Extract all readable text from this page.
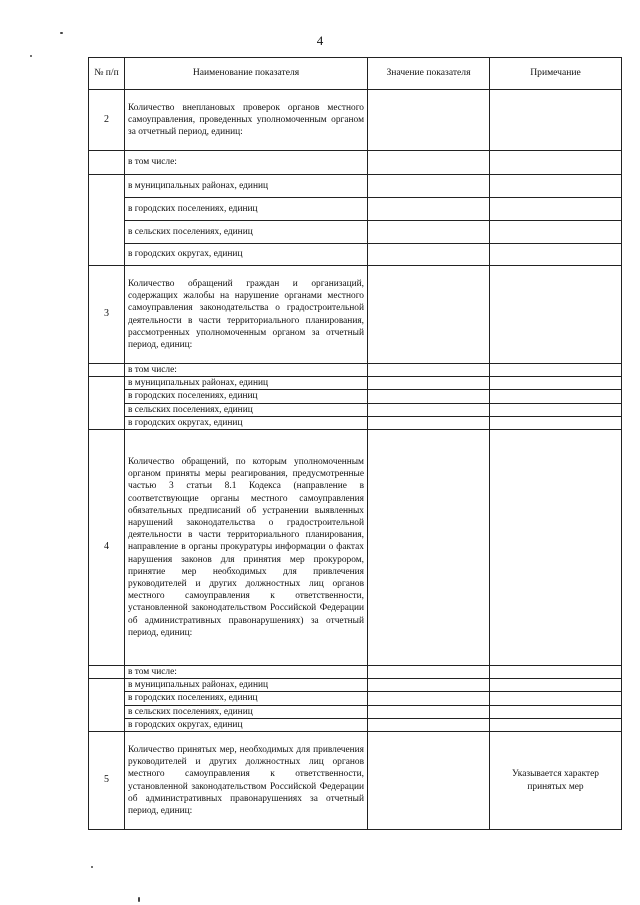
4
№ п/п	Наименование показателя	Значение показателя	Примечание
2	Количество внеплановых проверок органов местного самоуправления, проведенных уполномоченным органом за отчетный период, единиц:		
	в том числе:		
	в муниципальных районах, единиц		
	в городских поселениях, единиц		
	в сельских поселениях, единиц		
	в городских округах, единиц		
3	Количество обращений граждан и организаций, содержащих жалобы на нарушение органами местного самоуправления законодательства о градостроительной деятельности в части территориального планирования, рассмотренных уполномоченным органом за отчетный период, единиц:		
	в том числе:		
	в муниципальных районах, единиц		
	в городских поселениях, единиц		
	в сельских поселениях, единиц		
	в городских округах, единиц		
4	Количество обращений, по которым уполномоченным органом приняты меры реагирования, предусмотренные частью 3 статьи 8.1 Кодекса (направление в соответствующие органы местного самоуправления обязательных предписаний об устранении выявленных нарушений законодательства о градостроительной деятельности в части территориального планирования, направление в органы прокуратуры информации о фактах нарушения законов для принятия мер прокурором, принятие мер необходимых для привлечения руководителей и других должностных лиц органов местного самоуправления к ответственности, установленной законодательством Российской Федерации об административных правонарушениях) за отчетный период, единиц:		
	в том числе:		
	в муниципальных районах, единиц		
	в городских поселениях, единиц		
	в сельских поселениях, единиц		
	в городских округах, единиц		
5	Количество принятых мер, необходимых для привлечения руководителей и других должностных лиц органов местного самоуправления к ответственности, установленной законодательством Российской Федерации об административных правонарушениях за отчетный период, единиц:		Указывается характер принятых мер
